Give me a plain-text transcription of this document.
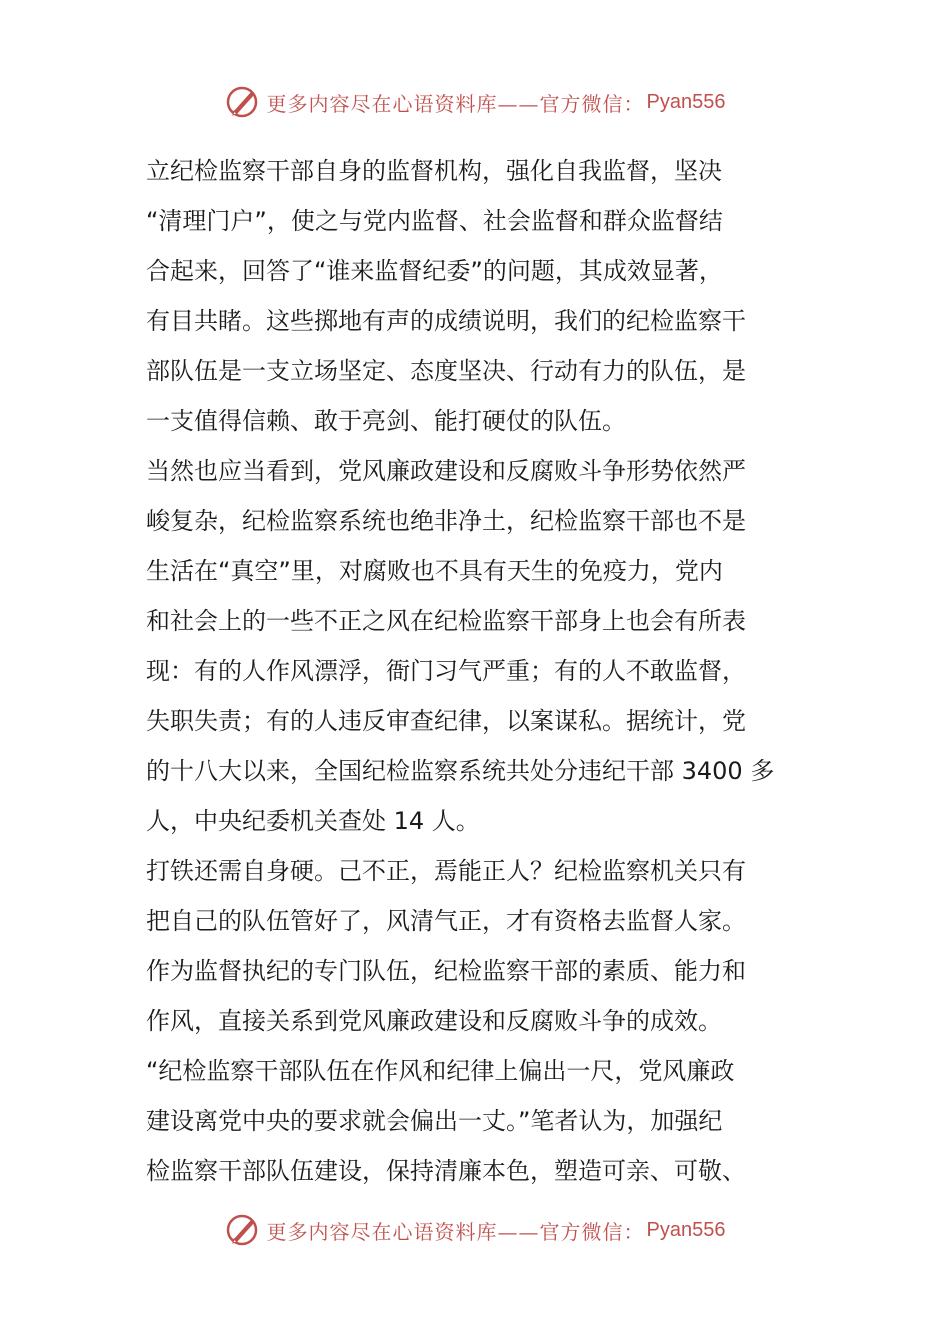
更多内容尽在心语资料库——官方微信： Pyan556
立纪检监察干部自身的监督机构，强化自我监督，坚决
“清理门户”，使之与党内监督、社会监督和群众监督结
合起来，回答了“谁来监督纪委”的问题，其成效显著，
有目共睹。这些掷地有声的成绩说明，我们的纪检监察干
部队伍是一支立场坚定、态度坚决、行动有力的队伍，是
一支值得信赖、敢于亮剑、能打硬仗的队伍。
当然也应当看到，党风廉政建设和反腐败斗争形势依然严
峻复杂，纪检监察系统也绝非净土，纪检监察干部也不是
生活在“真空”里，对腐败也不具有天生的免疫力，党内
和社会上的一些不正之风在纪检监察干部身上也会有所表
现：有的人作风漂浮，衙门习气严重；有的人不敢监督，
失职失责；有的人违反审查纪律，以案谋私。据统计，党
的十八大以来，全国纪检监察系统共处分违纪干部 3400 多
人，中央纪委机关查处 14 人。
打铁还需自身硬。己不正，焉能正人？纪检监察机关只有
把自己的队伍管好了，风清气正，才有资格去监督人家。
作为监督执纪的专门队伍，纪检监察干部的素质、能力和
作风，直接关系到党风廉政建设和反腐败斗争的成效。
“纪检监察干部队伍在作风和纪律上偏出一尺，党风廉政
建设离党中央的要求就会偏出一丈。”笔者认为，加强纪
检监察干部队伍建设，保持清廉本色，塑造可亲、可敬、
更多内容尽在心语资料库——官方微信： Pyan556
